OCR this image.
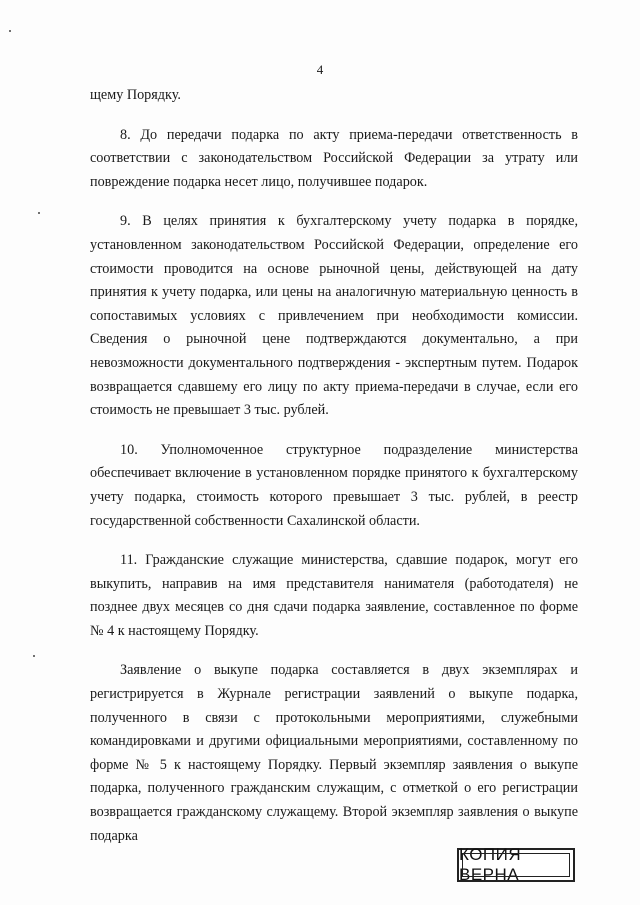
4

щему Порядку.

8. До передачи подарка по акту приема-передачи ответственность в соответствии с законодательством Российской Федерации за утрату или повреждение подарка несет лицо, получившее подарок.

9. В целях принятия к бухгалтерскому учету подарка в порядке, установленном законодательством Российской Федерации, определение его стоимости проводится на основе рыночной цены, действующей на дату принятия к учету подарка, или цены на аналогичную материальную ценность в сопоставимых условиях с привлечением при необходимости комиссии. Сведения о рыночной цене подтверждаются документально, а при невозможности документального подтверждения - экспертным путем. Подарок возвращается сдавшему его лицу по акту приема-передачи в случае, если его стоимость не превышает 3 тыс. рублей.

10. Уполномоченное структурное подразделение министерства обеспечивает включение в установленном порядке принятого к бухгалтерскому учету подарка, стоимость которого превышает 3 тыс. рублей, в реестр государственной собственности Сахалинской области.

11. Гражданские служащие министерства, сдавшие подарок, могут его выкупить, направив на имя представителя нанимателя (работодателя) не позднее двух месяцев со дня сдачи подарка заявление, составленное по форме № 4 к настоящему Порядку.

Заявление о выкупе подарка составляется в двух экземплярах и регистрируется в Журнале регистрации заявлений о выкупе подарка, полученного в связи с протокольными мероприятиями, служебными командировками и другими официальными мероприятиями, составленному по форме № 5 к настоящему Порядку. Первый экземпляр заявления о выкупе подарка, полученного гражданским служащим, с отметкой о его регистрации возвращается гражданскому служащему. Второй экземпляр заявления о выкупе подарка

КОПИЯ ВЕРНА
